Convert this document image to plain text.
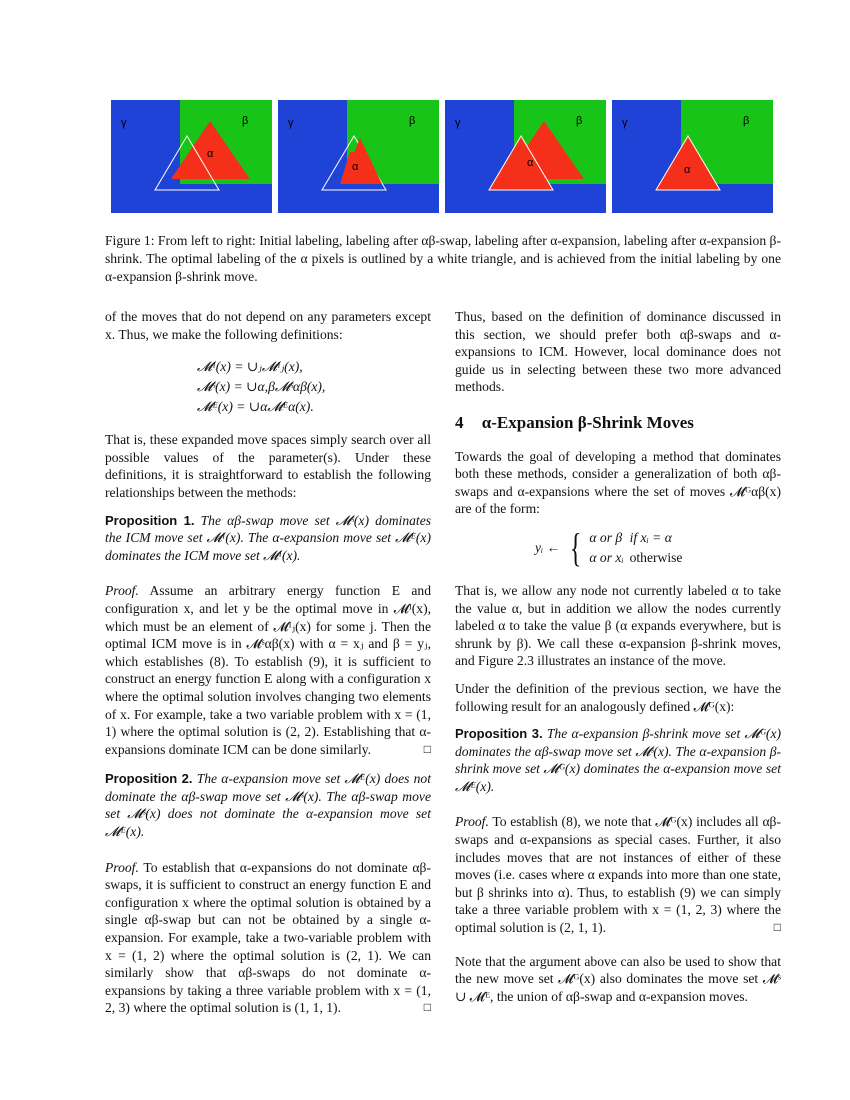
γ	β
α
γ	β
α
γ	β
α
γ	β
α
Figure 1: From left to right: Initial labeling, labeling after αβ-swap, labeling after α-expansion, labeling after α-expansion β-shrink. The optimal labeling of the α pixels is outlined by a white triangle, and is achieved from the initial labeling by one α-expansion β-shrink move.

of the moves that do not depend on any parameters except x. Thus, we make the following definitions:

𝓜ᴵ(x) = ∪ⱼ𝓜ᴵⱼ(x),
𝓜ˢ(x) = ∪α,β𝓜ˢαβ(x),
𝓜ᴱ(x) = ∪α𝓜ᴱα(x).

That is, these expanded move spaces simply search over all possible values of the parameter(s). Under these definitions, it is straightforward to establish the following relationships between the methods:

Proposition 1. The αβ-swap move set 𝓜ˢ(x) dominates the ICM move set 𝓜ᴵ(x). The α-expansion move set 𝓜ᴱ(x) dominates the ICM move set 𝓜ᴵ(x).

Proof. Assume an arbitrary energy function E and configuration x, and let y be the optimal move in 𝓜ᴵ(x), which must be an element of 𝓜ᴵⱼ(x) for some j. Then the optimal ICM move is in 𝓜ˢαβ(x) with α = xⱼ and β = yⱼ, which establishes (8). To establish (9), it is sufficient to construct an energy function E along with a configuration x where the optimal solution involves changing two elements of x. For example, take a two variable problem with x = (1, 1) where the optimal solution is (2, 2). Establishing that α-expansions dominate ICM can be done similarly.	□

Proposition 2. The α-expansion move set 𝓜ᴱ(x) does not dominate the αβ-swap move set 𝓜ˢ(x). The αβ-swap move set 𝓜ˢ(x) does not dominate the α-expansion move set 𝓜ᴱ(x).

Proof. To establish that α-expansions do not dominate αβ-swaps, it is sufficient to construct an energy function E and configuration x where the optimal solution is obtained by a single αβ-swap but can not be obtained by a single α-expansion. For example, take a two-variable problem with x = (1, 2) where the optimal solution is (2, 1). We can similarly show that αβ-swaps do not dominate α-expansions by taking a three variable problem with x = (1, 2, 3) where the optimal solution is (1, 1, 1).	□

Thus, based on the definition of dominance discussed in this section, we should prefer both αβ-swaps and α-expansions to ICM. However, local dominance does not guide us in selecting between these two more advanced methods.

4 α-Expansion β-Shrink Moves

Towards the goal of developing a method that dominates both these methods, consider a generalization of both αβ-swaps and α-expansions where the set of moves 𝓜ᴳαβ(x) are of the form:

yᵢ ← { α or β	if xᵢ = α
α or xᵢ	otherwise

That is, we allow any node not currently labeled α to take the value α, but in addition we allow the nodes currently labeled α to take the value β (α expands everywhere, but is shrunk by β). We call these α-expansion β-shrink moves, and Figure 2.3 illustrates an instance of the move.

Under the definition of the previous section, we have the following result for an analogously defined 𝓜ᴳ(x):

Proposition 3. The α-expansion β-shrink move set 𝓜ᴳ(x) dominates the αβ-swap move set 𝓜ˢ(x). The α-expansion β-shrink move set 𝓜ᴳ(x) dominates the α-expansion move set 𝓜ᴱ(x).

Proof. To establish (8), we note that 𝓜ᴳ(x) includes all αβ-swaps and α-expansions as special cases. Further, it also includes moves that are not instances of either of these moves (i.e. cases where α expands into more than one state, but β shrinks into α). Thus, to establish (9) we can simply take a three variable problem with x = (1, 2, 3) where the optimal solution is (2, 1, 1).	□

Note that the argument above can also be used to show that the new move set 𝓜ᴳ(x) also dominates the move set 𝓜ˢ ∪ 𝓜ᴱ, the union of αβ-swap and α-expansion moves.
